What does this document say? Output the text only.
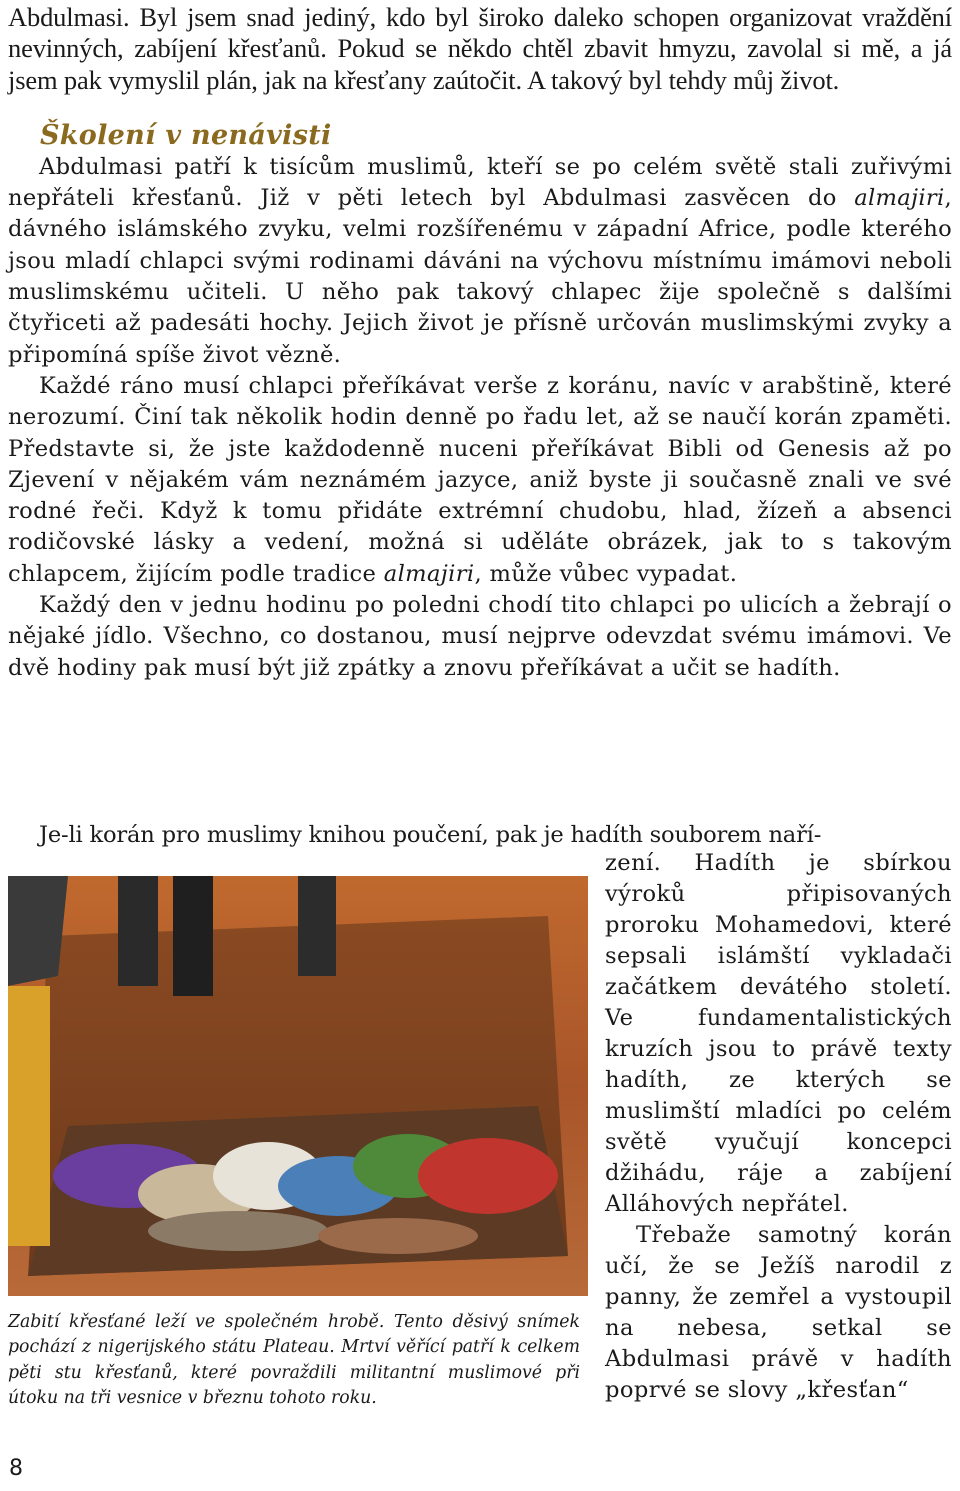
Abdulmasi. Byl jsem snad jediný, kdo byl široko daleko schopen organizovat vraždění nevinných, zabíjení křesťanů. Pokud se někdo chtěl zbavit hmyzu, zavolal si mě, a já jsem pak vymyslil plán, jak na křesťany zaútočit. A takový byl tehdy můj život.

Školení v nenávisti

Abdulmasi patří k tisícům muslimů, kteří se po celém světě stali zuřivými nepřáteli křesťanů. Již v pěti letech byl Abdulmasi zasvěcen do almajiri, dávného islámského zvyku, velmi rozšířenému v západní Africe, podle kterého jsou mladí chlapci svými rodinami dáváni na výchovu místnímu imámovi neboli muslimskému učiteli. U něho pak takový chlapec žije společně s dalšími čtyřiceti až padesáti hochy. Jejich život je přísně určován muslimskými zvyky a připomíná spíše život vězně.

Každé ráno musí chlapci přeříkávat verše z koránu, navíc v arabštině, které nerozumí. Činí tak několik hodin denně po řadu let, až se naučí korán zpaměti. Představte si, že jste každodenně nuceni přeříkávat Bibli od Genesis až po Zjevení v nějakém vám neznámém jazyce, aniž byste ji současně znali ve své rodné řeči. Když k tomu přidáte extrémní chudobu, hlad, žízeň a absenci rodičovské lásky a vedení, možná si uděláte obrázek, jak to s takovým chlapcem, žijícím podle tradice almajiri, může vůbec vypadat.

Každý den v jednu hodinu po poledni chodí tito chlapci po ulicích a žebrají o nějaké jídlo. Všechno, co dostanou, musí nejprve odevzdat svému imámovi. Ve dvě hodiny pak musí být již zpátky a znovu přeříkávat a učit se hadíth.

Je-li korán pro muslimy knihou poučení, pak je hadíth souborem naří-

Zabití křesťané leží ve společném hrobě. Tento děsivý snímek pochází z nigerijského státu Plateau. Mrtví věřící patří k celkem pěti stu křesťanů, které povraždili militantní muslimové při útoku na tři vesnice v březnu tohoto roku.

zení. Hadíth je sbírkou výroků připisovaných proroku Mohamedovi, které sepsali islámští vykladači začátkem devátého století. Ve fundamentalistických kruzích jsou to právě texty hadíth, ze kterých se muslimští mladíci po celém světě vyučují koncepci džihádu, ráje a zabíjení Alláhových nepřátel.

Třebaže samotný korán učí, že se Ježíš narodil z panny, že zemřel a vystoupil na nebesa, setkal se Abdulmasi právě v hadíth poprvé se slovy „křesťan“

8
